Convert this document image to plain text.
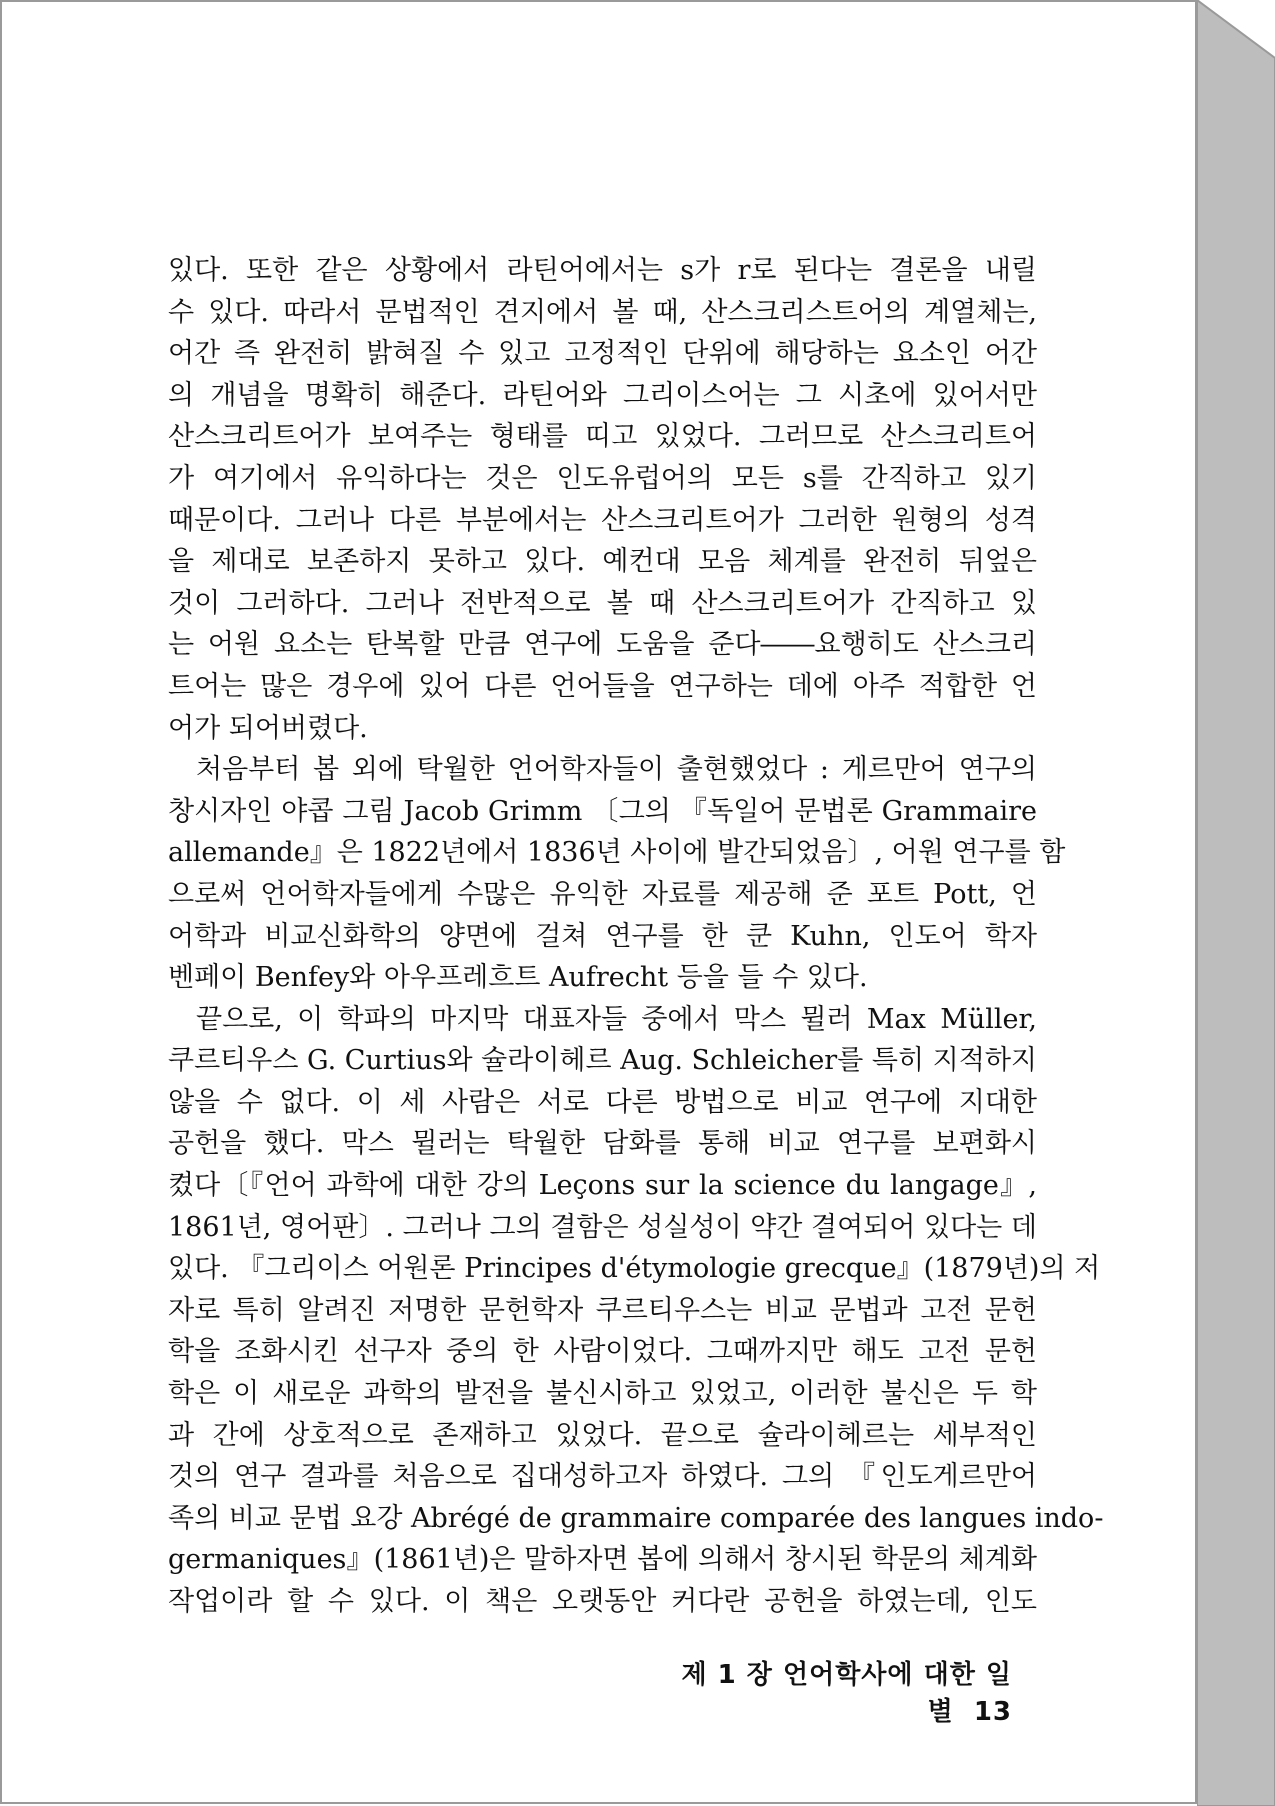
있다. 또한 같은 상황에서 라틴어에서는 s가 r로 된다는 결론을 내릴
수 있다. 따라서 문법적인 견지에서 볼 때, 산스크리스트어의 계열체는,
어간 즉 완전히 밝혀질 수 있고 고정적인 단위에 해당하는 요소인 어간
의 개념을 명확히 해준다. 라틴어와 그리이스어는 그 시초에 있어서만
산스크리트어가 보여주는 형태를 띠고 있었다. 그러므로 산스크리트어
가 여기에서 유익하다는 것은 인도유럽어의 모든 s를 간직하고 있기
때문이다. 그러나 다른 부분에서는 산스크리트어가 그러한 원형의 성격
을 제대로 보존하지 못하고 있다. 예컨대 모음 체계를 완전히 뒤엎은
것이 그러하다. 그러나 전반적으로 볼 때 산스크리트어가 간직하고 있
는 어원 요소는 탄복할 만큼 연구에 도움을 준다――요행히도 산스크리
트어는 많은 경우에 있어 다른 언어들을 연구하는 데에 아주 적합한 언
어가 되어버렸다.
처음부터 봅 외에 탁월한 언어학자들이 출현했었다 : 게르만어 연구의
창시자인 야콥 그림 Jacob Grimm 〔그의 『독일어 문법론 Grammaire
allemande』은 1822년에서 1836년 사이에 발간되었음〕, 어원 연구를 함
으로써 언어학자들에게 수많은 유익한 자료를 제공해 준 포트 Pott, 언
어학과 비교신화학의 양면에 걸쳐 연구를 한 쿤 Kuhn, 인도어 학자
벤페이 Benfey와 아우프레흐트 Aufrecht 등을 들 수 있다.
끝으로, 이 학파의 마지막 대표자들 중에서 막스 뮐러 Max Müller,
쿠르티우스 G. Curtius와 슐라이헤르 Aug. Schleicher를 특히 지적하지
않을 수 없다. 이 세 사람은 서로 다른 방법으로 비교 연구에 지대한
공헌을 했다. 막스 뮐러는 탁월한 담화를 통해 비교 연구를 보편화시
켰다〔『언어 과학에 대한 강의 Leçons sur la science du langage』,
1861년, 영어판〕. 그러나 그의 결함은 성실성이 약간 결여되어 있다는 데
있다. 『그리이스 어원론 Principes d'étymologie grecque』(1879년)의 저
자로 특히 알려진 저명한 문헌학자 쿠르티우스는 비교 문법과 고전 문헌
학을 조화시킨 선구자 중의 한 사람이었다. 그때까지만 해도 고전 문헌
학은 이 새로운 과학의 발전을 불신시하고 있었고, 이러한 불신은 두 학
과 간에 상호적으로 존재하고 있었다. 끝으로 슐라이헤르는 세부적인
것의 연구 결과를 처음으로 집대성하고자 하였다. 그의 『인도게르만어
족의 비교 문법 요강 Abrégé de grammaire comparée des langues indo-
germaniques』(1861년)은 말하자면 봅에 의해서 창시된 학문의 체계화
작업이라 할 수 있다. 이 책은 오랫동안 커다란 공헌을 하였는데, 인도
제 1 장 언어학사에 대한 일별 13
